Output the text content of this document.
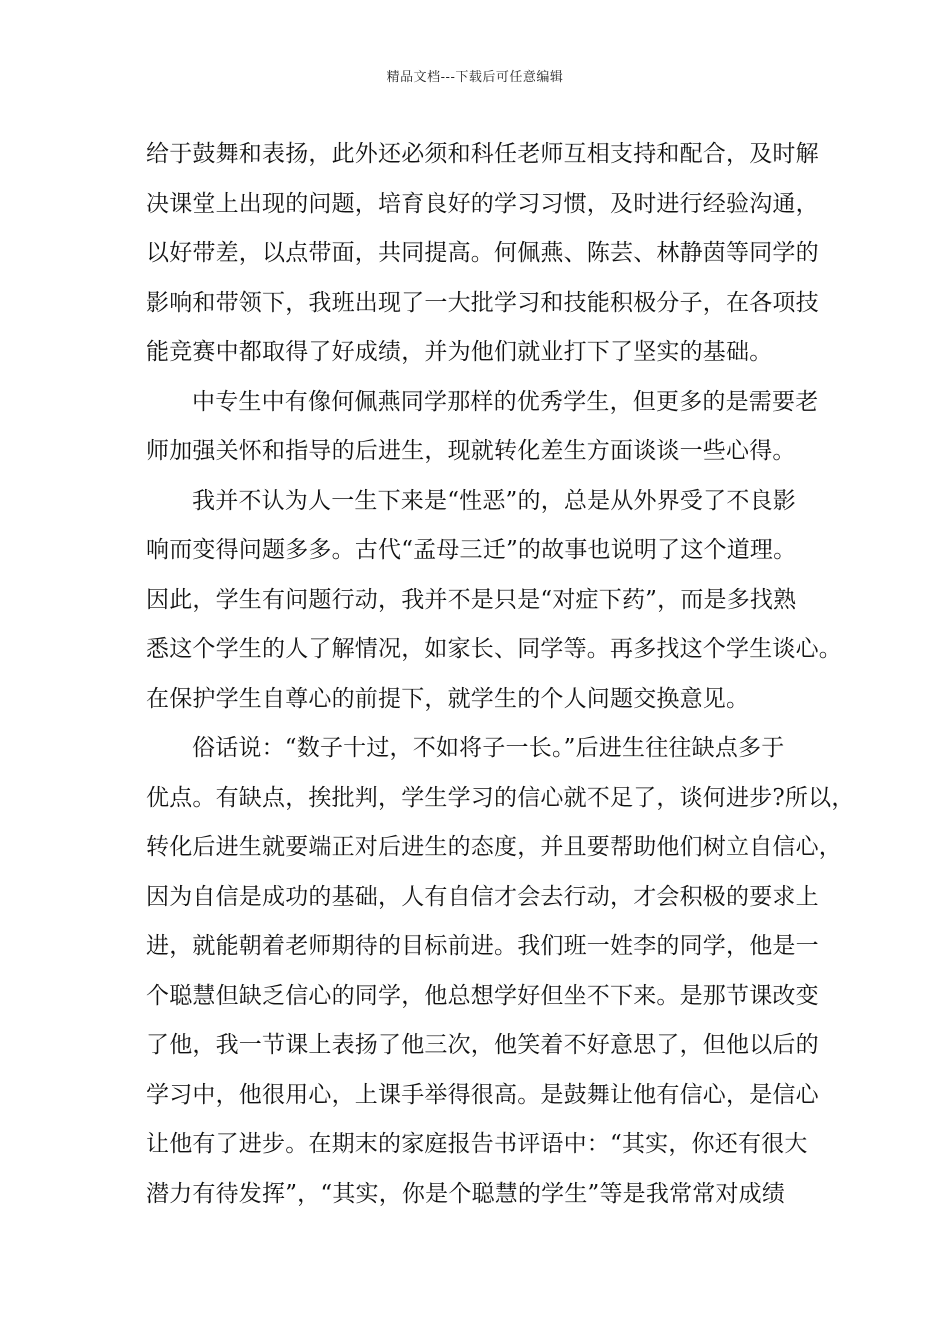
精品文档---下载后可任意编辑
给于鼓舞和表扬，此外还必须和科任老师互相支持和配合，及时解
决课堂上出现的问题，培育良好的学习习惯，及时进行经验沟通，
以好带差，以点带面，共同提高。何佩燕、陈芸、林静茵等同学的
影响和带领下，我班出现了一大批学习和技能积极分子，在各项技
能竞赛中都取得了好成绩，并为他们就业打下了坚实的基础。
中专生中有像何佩燕同学那样的优秀学生，但更多的是需要老
师加强关怀和指导的后进生，现就转化差生方面谈谈一些心得。
我并不认为人一生下来是“性恶”的，总是从外界受了不良影
响而变得问题多多。古代“孟母三迁”的故事也说明了这个道理。
因此，学生有问题行动，我并不是只是“对症下药”，而是多找熟
悉这个学生的人了解情况，如家长、同学等。再多找这个学生谈心。
在保护学生自尊心的前提下，就学生的个人问题交换意见。
俗话说：“数子十过，不如将子一长。”后进生往往缺点多于
优点。有缺点，挨批判，学生学习的信心就不足了，谈何进步?所以，
转化后进生就要端正对后进生的态度，并且要帮助他们树立自信心，
因为自信是成功的基础，人有自信才会去行动，才会积极的要求上
进，就能朝着老师期待的目标前进。我们班一姓李的同学，他是一
个聪慧但缺乏信心的同学，他总想学好但坐不下来。是那节课改变
了他，我一节课上表扬了他三次，他笑着不好意思了，但他以后的
学习中，他很用心，上课手举得很高。是鼓舞让他有信心，是信心
让他有了进步。在期末的家庭报告书评语中：“其实，你还有很大
潜力有待发挥”，“其实，你是个聪慧的学生”等是我常常对成绩
